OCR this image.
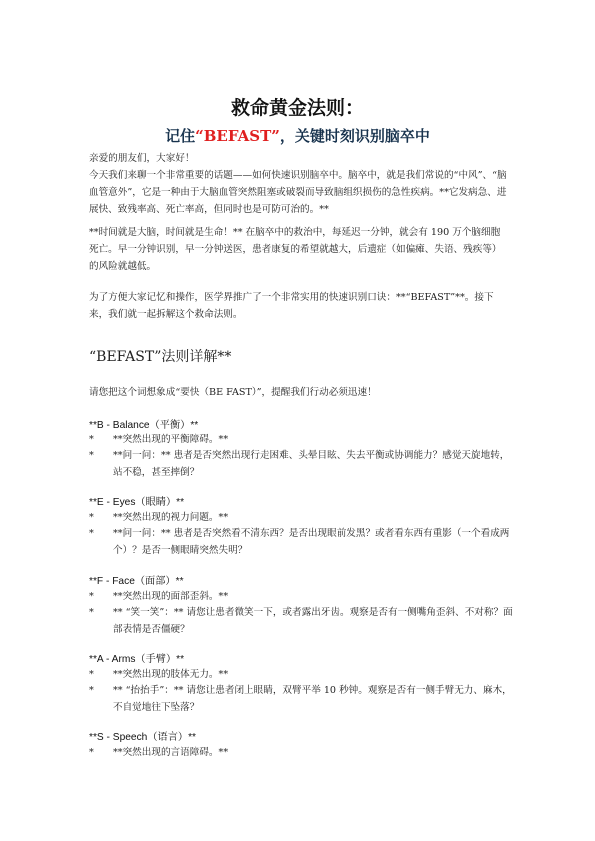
救命黄金法则：
记住“BEFAST”，关键时刻识别脑卒中
亲爱的朋友们，大家好！
今天我们来聊一个非常重要的话题——如何快速识别脑卒中。脑卒中，就是我们常说的“中风”、“脑血管意外”，它是一种由于大脑血管突然阻塞或破裂而导致脑组织损伤的急性疾病。**它发病急、进展快、致残率高、死亡率高，但同时也是可防可治的。**
**时间就是大脑，时间就是生命！** 在脑卒中的救治中，每延迟一分钟，就会有 190 万个脑细胞死亡。早一分钟识别，早一分钟送医，患者康复的希望就越大，后遗症（如偏瘫、失语、残疾等）的风险就越低。
为了方便大家记忆和操作，医学界推广了一个非常实用的快速识别口诀：**“BEFAST”**。接下来，我们就一起拆解这个救命法则。
“BEFAST”法则详解**
请您把这个词想象成“要快（BE FAST）”，提醒我们行动必须迅速！
**B - Balance（平衡）**
* **突然出现的平衡障碍。**
* **问一问：** 患者是否突然出现行走困难、头晕目眩、失去平衡或协调能力？感觉天旋地转，站不稳，甚至摔倒？
**E - Eyes（眼睛）**
* **突然出现的视力问题。**
* **问一问：** 患者是否突然看不清东西？是否出现眼前发黑？或者看东西有重影（一个看成两个）？是否一侧眼睛突然失明？
**F - Face（面部）**
* **突然出现的面部歪斜。**
* ** “笑一笑”：** 请您让患者微笑一下，或者露出牙齿。观察是否有一侧嘴角歪斜、不对称？面部表情是否僵硬？
**A - Arms（手臂）**
* **突然出现的肢体无力。**
* ** “抬抬手”：** 请您让患者闭上眼睛，双臂平举 10 秒钟。观察是否有一侧手臂无力、麻木，不自觉地往下坠落？
**S - Speech（语言）**
* **突然出现的言语障碍。**
